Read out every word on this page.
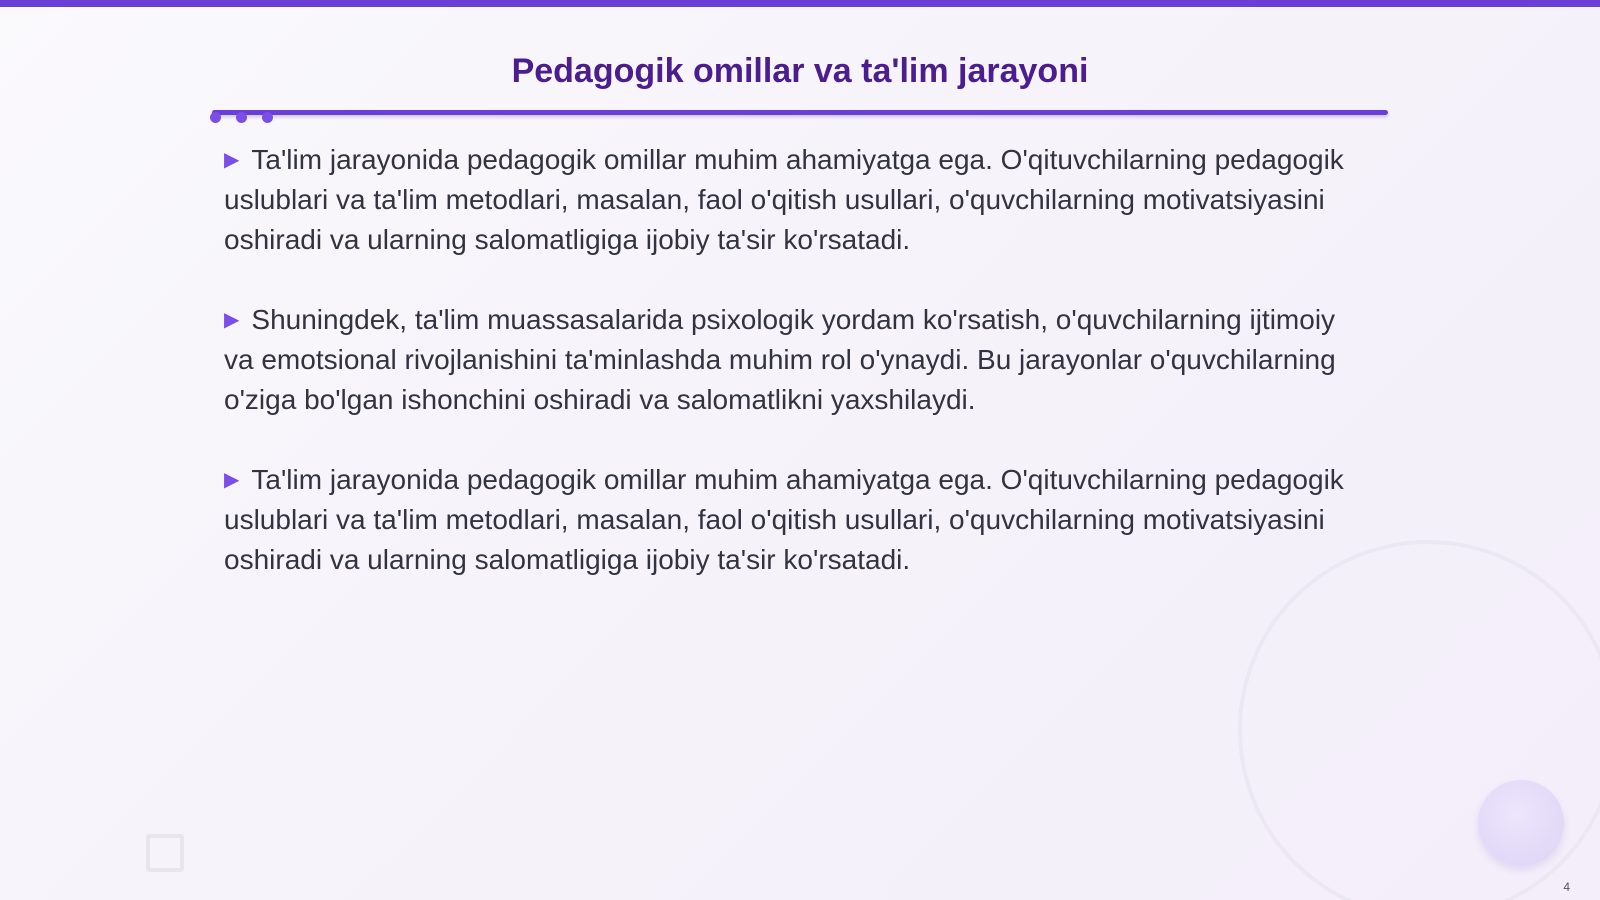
Pedagogik omillar va ta'lim jarayoni

▶ Ta'lim jarayonida pedagogik omillar muhim ahamiyatga ega. O'qituvchilarning pedagogik uslublari va ta'lim metodlari, masalan, faol o'qitish usullari, o'quvchilarning motivatsiyasini oshiradi va ularning salomatligiga ijobiy ta'sir ko'rsatadi.

▶ Shuningdek, ta'lim muassasalarida psixologik yordam ko'rsatish, o'quvchilarning ijtimoiy va emotsional rivojlanishini ta'minlashda muhim rol o'ynaydi. Bu jarayonlar o'quvchilarning o'ziga bo'lgan ishonchini oshiradi va salomatlikni yaxshilaydi.

▶ Ta'lim jarayonida pedagogik omillar muhim ahamiyatga ega. O'qituvchilarning pedagogik uslublari va ta'lim metodlari, masalan, faol o'qitish usullari, o'quvchilarning motivatsiyasini oshiradi va ularning salomatligiga ijobiy ta'sir ko'rsatadi.

4
